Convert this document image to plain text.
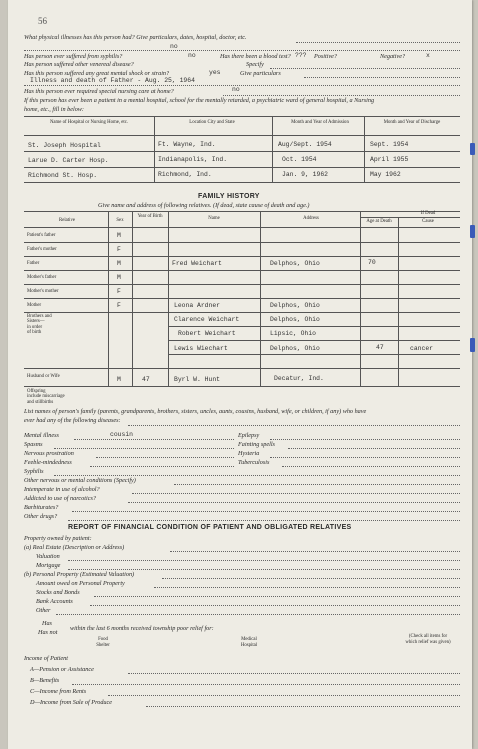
56
What physical illnesses has this person had? Give particulars, dates, hospital, doctor, etc.
no
Has person ever suffered from syphilis?	no	Has there been a blood test? ??? Positive?	Negative?	x
Has person suffered other venereal disease?	Specify
Has this person suffered any great mental shock or strain?	yes	Give particulars
Illness and death of Father - Aug. 25, 1964
Has this person ever required special nursing care at home?	no
If this person has ever been a patient in a mental hospital, school for the mentally retarded, a psychiatric ward of general hospital, a Nursing
home, etc., fill in below:
Name of Hospital or Nursing Home, etc.	Location City and State	Month and Year of Admission	Month and Year of Discharge
St. Joseph Hospital	Ft. Wayne, Ind.	Aug/Sept. 1954	Sept. 1954
Larue D. Carter Hosp.	Indianapolis, Ind.	Oct. 1954	April 1955
Richmond St. Hosp.	Richmond, Ind.	Jan. 9, 1962	May 1962
FAMILY HISTORY
Give name and address of following relatives. (If dead, state cause of death and age.)
Relative	Sex
Year of Birth	Name	Address
If Dead
Age at Death	Cause
Patient's father	M
Father's mother	F
Father	M	Fred Weichart	Delphos, Ohio	70
Mother's father	M
Mother's mother	F
Mother	F	Leona Ardner	Delphos, Ohio
Brothers and
Sisters—
in order
of birth
Clarence Weichart	Delphos, Ohio
Robert Weichart	Lipsic, Ohio
Lewis Wiechart	Delphos, Ohio	47	cancer
Husband or Wife	M	47	Byrl W. Hunt	Decatur, Ind.
Offspring
include miscarriage
and stillbirths
List names of person's family (parents, grandparents, brothers, sisters, uncles, aunts, cousins, husband, wife, or children, if any) who have
ever had any of the following diseases:
Mental illness	cousin
Spasms
Nervous prostration
Feeble-mindedness
Epilepsy
Fainting spells
Hysteria
Tuberculosis
Syphilis
Other nervous or mental conditions (Specify)
Intemperate in use of alcohol?
Addicted to use of narcotics?
Barbiturates?
Other drugs?
REPORT OF FINANCIAL CONDITION OF PATIENT AND OBLIGATED RELATIVES
Property owned by patient:
(a) Real Estate (Description or Address)
Valuation
Mortgage
(b) Personal Property (Estimated Valuation)
Amount owed on Personal Property
Stocks and Bonds
Bank Accounts
Other
Has
Has not
within the last 6 months received township poor relief for:
Food
Shelter
Medical
Hospital
(Check all items for
which relief was given)
Income of Patient
A—Pension or Assistance
B—Benefits
C—Income from Rents
D—Income from Sale of Produce
